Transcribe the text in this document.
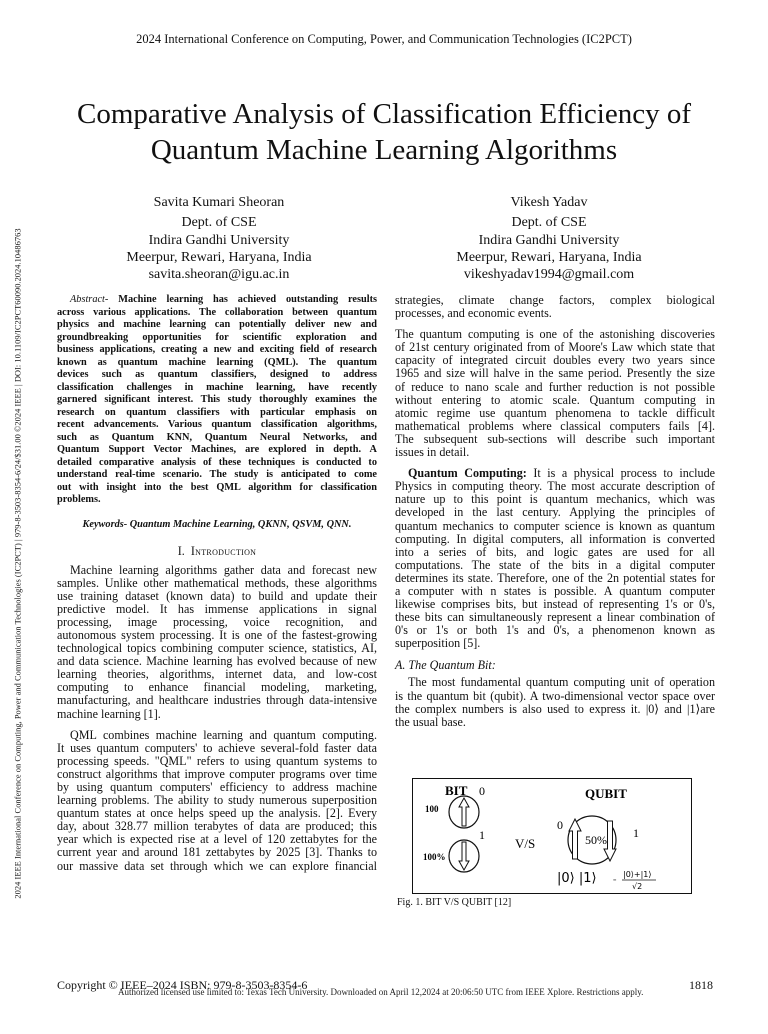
2024 International Conference on Computing, Power, and Communication Technologies (IC2PCT)
2024 IEEE International Conference on Computing, Power and Communication Technologies (IC2PCT) | 979-8-3503-8354-6/24/$31.00 ©2024 IEEE | DOI: 10.1109/IC2PCT60090.2024.10486763
Comparative Analysis of Classification Efficiency of
Quantum Machine Learning Algorithms
Savita Kumari Sheoran
Dept. of CSE
Indira Gandhi University
Meerpur, Rewari, Haryana, India
savita.sheoran@igu.ac.in
Vikesh Yadav
Dept. of CSE
Indira Gandhi University
Meerpur, Rewari, Haryana, India
vikeshyadav1994@gmail.com
Abstract- Machine learning has achieved outstanding results
across various applications. The collaboration between quantum
physics and machine learning can potentially deliver new and
groundbreaking opportunities for scientific exploration and
business applications, creating a new and exciting field of research
known as quantum machine learning (QML). The quantum
devices such as quantum classifiers, designed to address
classification challenges in machine learning, have recently
garnered significant interest. This study thoroughly examines the
research on quantum classifiers with particular emphasis on
recent advancements. Various quantum classification algorithms,
such as Quantum KNN, Quantum Neural Networks, and
Quantum Support Vector Machines, are explored in depth. A
detailed comparative analysis of these techniques is conducted to
understand real-time scenario. The study is anticipated to come
out with insight into the best QML algorithm for classification
problems.
Keywords- Quantum Machine Learning, QKNN, QSVM, QNN.
I. Introduction
Machine learning algorithms gather data and forecast new
samples. Unlike other mathematical methods, these algorithms
use training dataset (known data) to build and update their
predictive model. It has immense applications in signal
processing, image processing, voice recognition, and
autonomous system processing. It is one of the fastest-growing
technological topics combining computer science, statistics, AI,
and data science. Machine learning has evolved because of new
learning theories, algorithms, internet data, and low-cost
computing to enhance financial modeling, marketing,
manufacturing, and healthcare industries through data-intensive
machine learning [1].
QML combines machine learning and quantum computing.
It uses quantum computers' to achieve several-fold faster data
processing speeds. "QML" refers to using quantum systems to
construct algorithms that improve computer programs over time
by using quantum computers' efficiency to address machine
learning problems. The ability to study numerous superposition
quantum states at once helps speed up the analysis. [2]. Every
day, about 328.77 million terabytes of data are produced; this
year which is expected rise at a level of 120 zettabytes for the
current year and around 181 zettabytes by 2025 [3]. Thanks to
our massive data set through which we can explore financial
strategies, climate change factors, complex biological
processes, and economic events.
The quantum computing is one of the astonishing discoveries
of 21st century originated from of Moore's Law which state that
capacity of integrated circuit doubles every two years since
1965 and size will halve in the same period. Presently the size
of reduce to nano scale and further reduction is not possible
without entering to atomic scale. Quantum computing in
atomic regime use quantum phenomena to tackle difficult
mathematical problems where classical computers fails [4].
The subsequent sub-sections will describe such important
issues in detail.
Quantum Computing: It is a physical process to include
Physics in computing theory. The most accurate description of
nature up to this point is quantum mechanics, which was
developed in the last century. Applying the principles of
quantum mechanics to computer science is known as quantum
computing. In digital computers, all information is converted
into a series of bits, and logic gates are used for all
computations. The state of the bits in a digital computer
determines its state. Therefore, one of the 2n potential states for
a computer with n states is possible. A quantum computer
likewise comprises bits, but instead of representing 1's or 0's,
these bits can simultaneously represent a linear combination of
0's or 1's or both 1's and 0's, a phenomenon known as
superposition [5].
A. The Quantum Bit:
The most fundamental quantum computing unit of operation
is the quantum bit (qubit). A two-dimensional vector space over
the complex numbers is also used to express it. |0⟩ and |1⟩are
the usual base.
BIT 0
100
1
100%
V/S
QUBIT
0
50% 1
|0⟩ |1⟩	=
|0⟩+|1⟩
√2
Fig. 1. BIT V/S QUBIT [12]
Copyright © IEEE–2024 ISBN: 979-8-3503-8354-6
Authorized licensed use limited to: Texas Tech University. Downloaded on April 12,2024 at 20:06:50 UTC from IEEE Xplore. Restrictions apply.	1818
